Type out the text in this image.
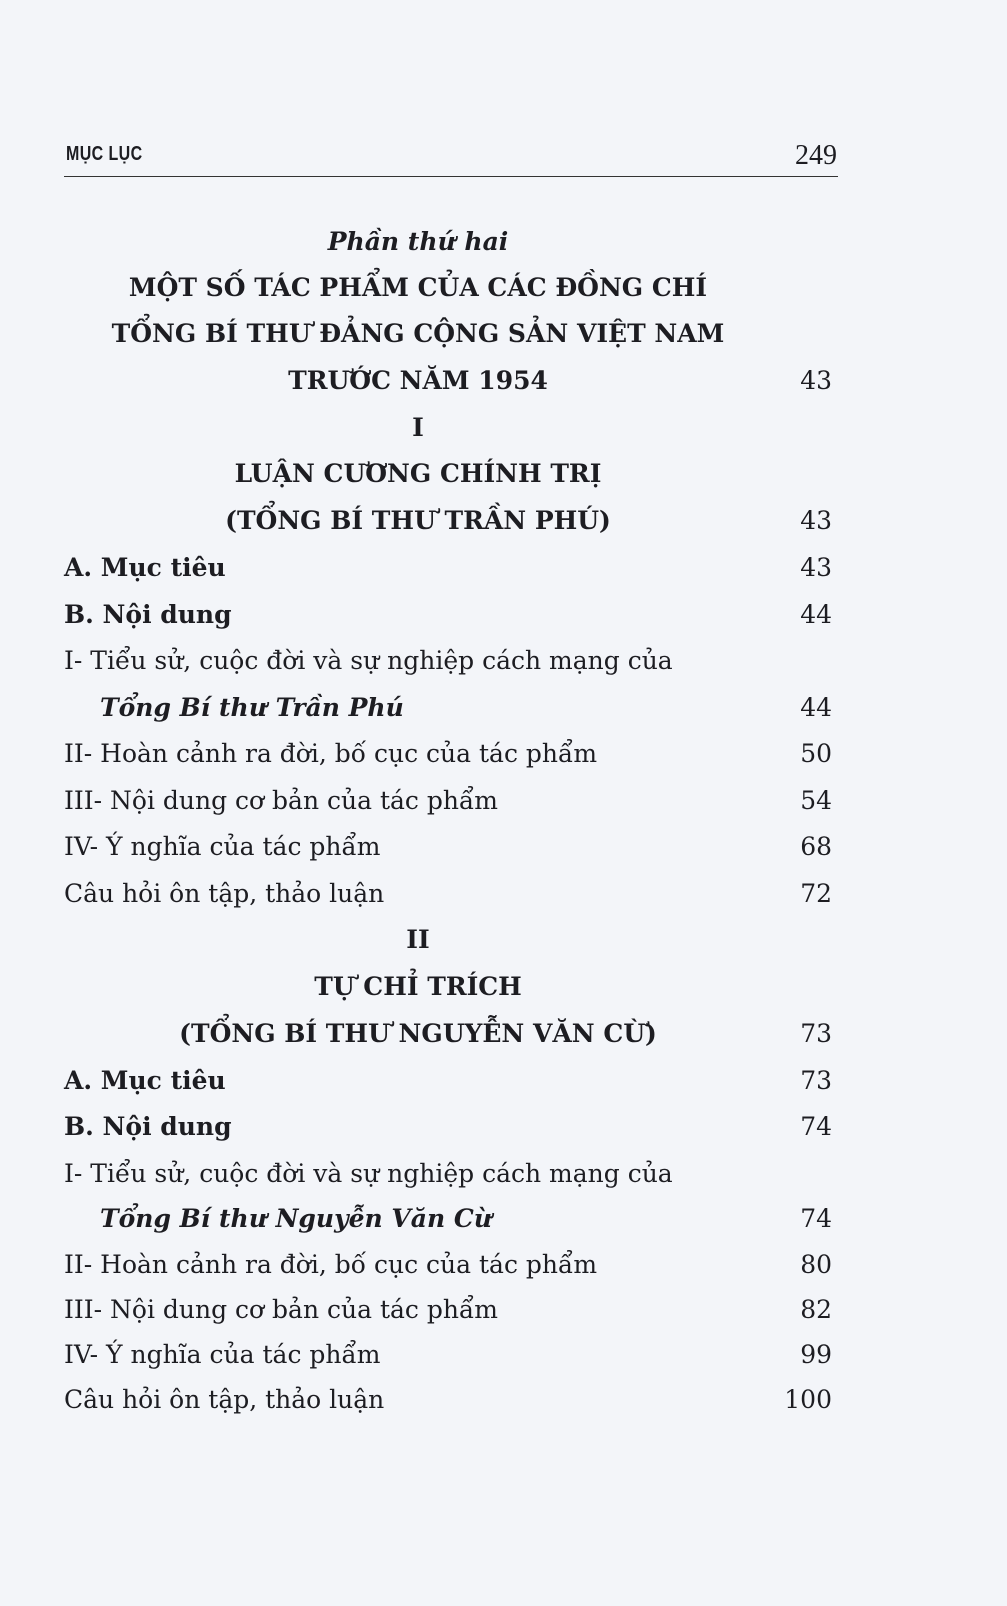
MỤC LỤC	249
Phần thứ hai
MỘT SỐ TÁC PHẨM CỦA CÁC ĐỒNG CHÍ
TỔNG BÍ THƯ ĐẢNG CỘNG SẢN VIỆT NAM
TRƯỚC NĂM 1954	43
I
LUẬN CƯƠNG CHÍNH TRỊ
(TỔNG BÍ THƯ TRẦN PHÚ)	43
A. Mục tiêu	43
B. Nội dung	44
I- Tiểu sử, cuộc đời và sự nghiệp cách mạng của
Tổng Bí thư Trần Phú	44
II- Hoàn cảnh ra đời, bố cục của tác phẩm	50
III- Nội dung cơ bản của tác phẩm	54
IV- Ý nghĩa của tác phẩm	68
Câu hỏi ôn tập, thảo luận	72
II
TỰ CHỈ TRÍCH
(TỔNG BÍ THƯ NGUYỄN VĂN CỪ)	73
A. Mục tiêu	73
B. Nội dung	74
I- Tiểu sử, cuộc đời và sự nghiệp cách mạng của
Tổng Bí thư Nguyễn Văn Cừ	74
II- Hoàn cảnh ra đời, bố cục của tác phẩm	80
III- Nội dung cơ bản của tác phẩm	82
IV- Ý nghĩa của tác phẩm	99
Câu hỏi ôn tập, thảo luận	100
